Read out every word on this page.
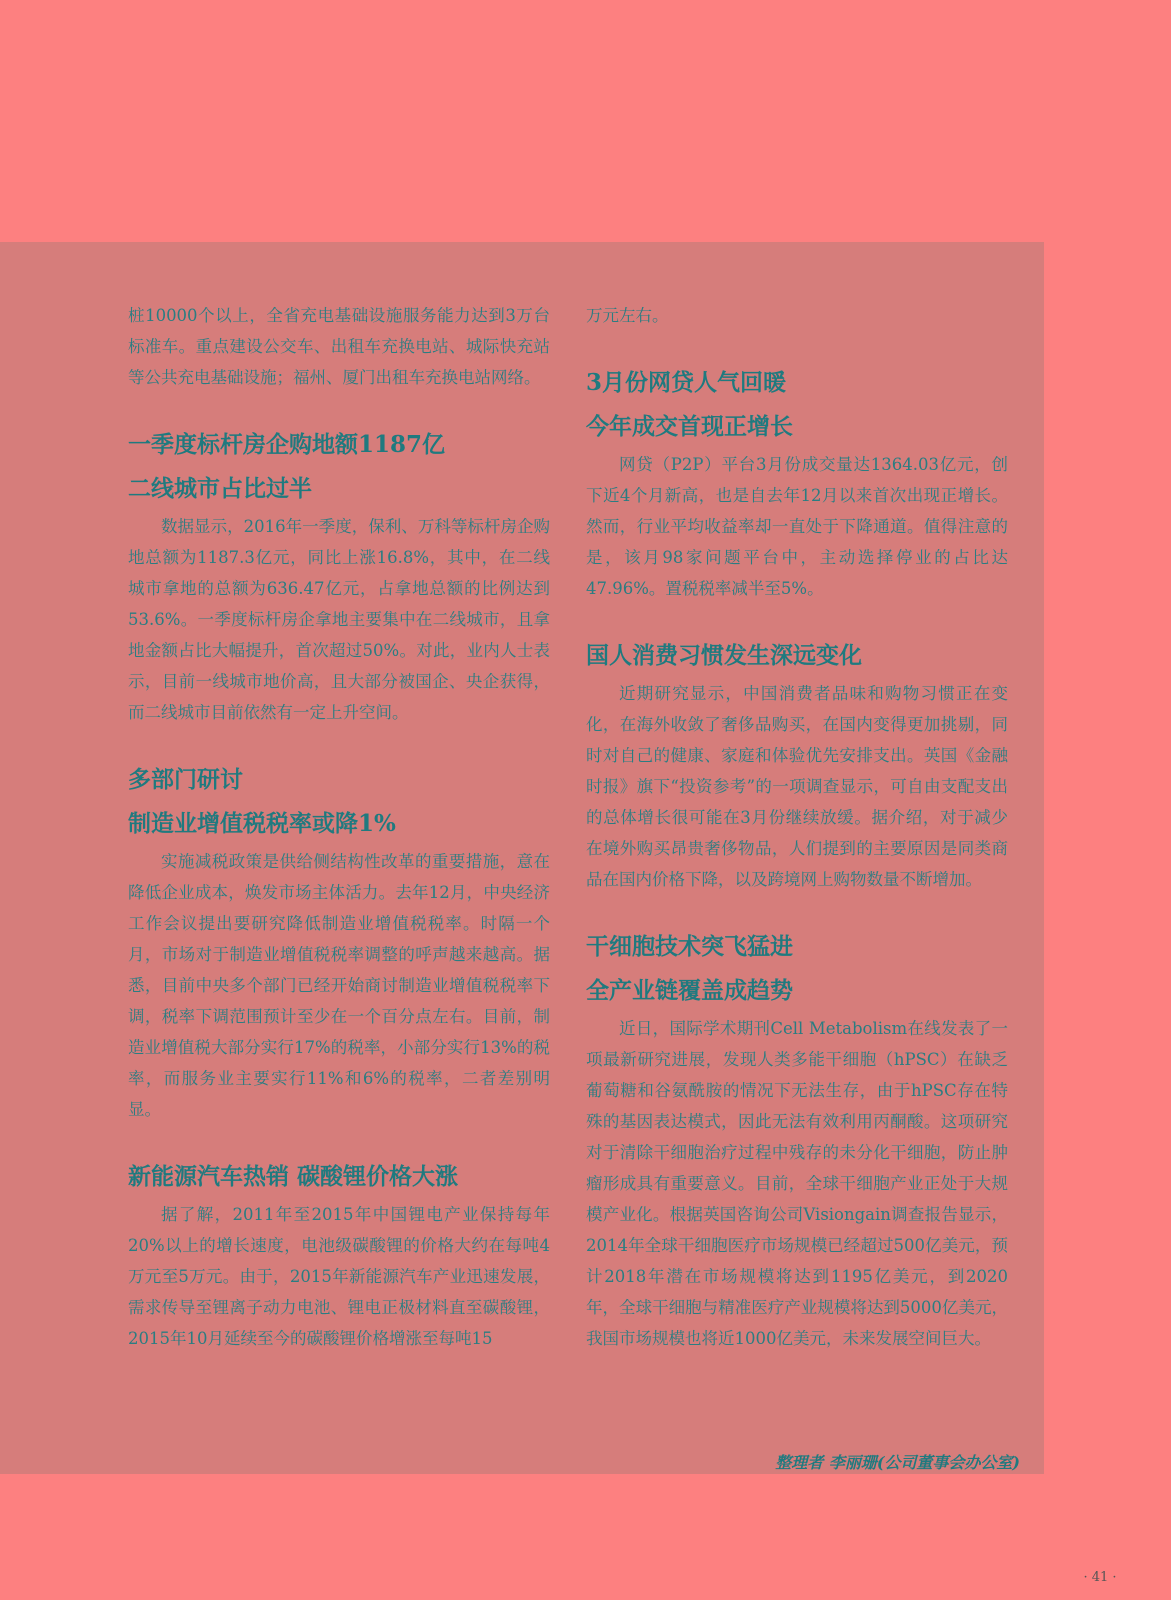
桩10000个以上，全省充电基础设施服务能力达到3万台标准车。重点建设公交车、出租车充换电站、城际快充站等公共充电基础设施；福州、厦门出租车充换电站网络。

一季度标杆房企购地额1187亿
二线城市占比过半

数据显示，2016年一季度，保利、万科等标杆房企购地总额为1187.3亿元，同比上涨16.8%，其中，在二线城市拿地的总额为636.47亿元，占拿地总额的比例达到53.6%。一季度标杆房企拿地主要集中在二线城市，且拿地金额占比大幅提升，首次超过50%。对此，业内人士表示，目前一线城市地价高，且大部分被国企、央企获得，而二线城市目前依然有一定上升空间。

多部门研讨
制造业增值税税率或降1%

实施减税政策是供给侧结构性改革的重要措施，意在降低企业成本，焕发市场主体活力。去年12月，中央经济工作会议提出要研究降低制造业增值税税率。时隔一个月，市场对于制造业增值税税率调整的呼声越来越高。据悉，目前中央多个部门已经开始商讨制造业增值税税率下调，税率下调范围预计至少在一个百分点左右。目前，制造业增值税大部分实行17%的税率，小部分实行13%的税率，而服务业主要实行11%和6%的税率，二者差别明显。

新能源汽车热销 碳酸锂价格大涨

据了解，2011年至2015年中国锂电产业保持每年20%以上的增长速度，电池级碳酸锂的价格大约在每吨4万元至5万元。由于，2015年新能源汽车产业迅速发展，需求传导至锂离子动力电池、锂电正极材料直至碳酸锂，2015年10月延续至今的碳酸锂价格增涨至每吨15

万元左右。

3月份网贷人气回暖
今年成交首现正增长

网贷（P2P）平台3月份成交量达1364.03亿元，创下近4个月新高，也是自去年12月以来首次出现正增长。然而，行业平均收益率却一直处于下降通道。值得注意的是，该月98家问题平台中，主动选择停业的占比达47.96%。置税税率减半至5%。

国人消费习惯发生深远变化

近期研究显示，中国消费者品味和购物习惯正在变化，在海外收敛了奢侈品购买，在国内变得更加挑剔，同时对自己的健康、家庭和体验优先安排支出。英国《金融时报》旗下“投资参考”的一项调查显示，可自由支配支出的总体增长很可能在3月份继续放缓。据介绍，对于减少在境外购买昂贵奢侈物品，人们提到的主要原因是同类商品在国内价格下降，以及跨境网上购物数量不断增加。

干细胞技术突飞猛进
全产业链覆盖成趋势

近日，国际学术期刊Cell Metabolism在线发表了一项最新研究进展，发现人类多能干细胞（hPSC）在缺乏葡萄糖和谷氨酰胺的情况下无法生存，由于hPSC存在特殊的基因表达模式，因此无法有效利用丙酮酸。这项研究对于清除干细胞治疗过程中残存的未分化干细胞，防止肿瘤形成具有重要意义。目前，全球干细胞产业正处于大规模产业化。根据英国咨询公司Visiongain调查报告显示，2014年全球干细胞医疗市场规模已经超过500亿美元，预计2018年潜在市场规模将达到1195亿美元，到2020年，全球干细胞与精准医疗产业规模将达到5000亿美元，我国市场规模也将近1000亿美元，未来发展空间巨大。

整理者 李丽珊(公司董事会办公室)
· 41 ·
